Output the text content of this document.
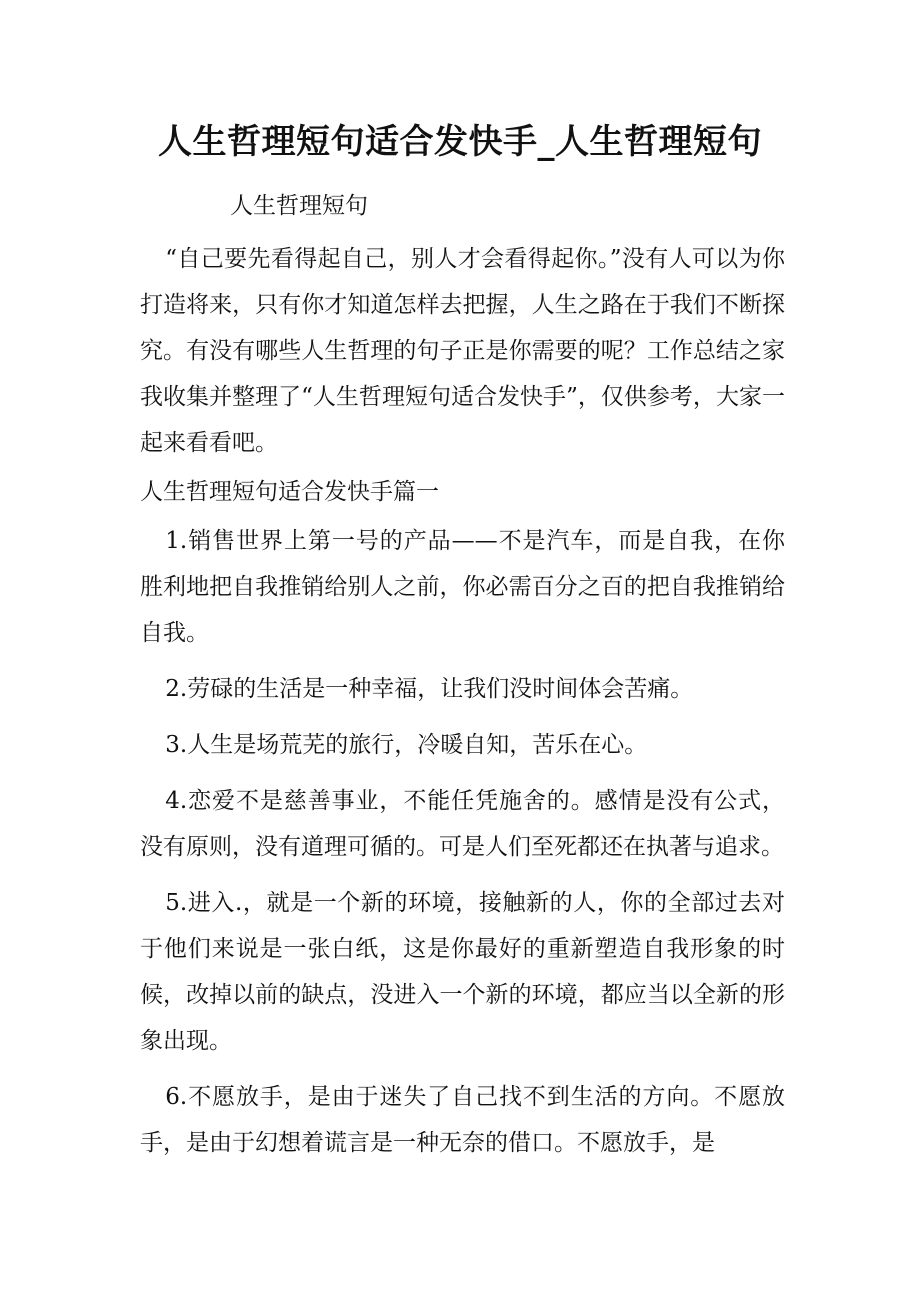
人生哲理短句适合发快手_人生哲理短句

人生哲理短句

“自己要先看得起自己，别人才会看得起你。”没有人可以为你打造将来，只有你才知道怎样去把握，人生之路在于我们不断探究。有没有哪些人生哲理的句子正是你需要的呢？工作总结之家我收集并整理了“人生哲理短句适合发快手”，仅供参考，大家一起来看看吧。

人生哲理短句适合发快手篇一

1.销售世界上第一号的产品——不是汽车，而是自我，在你胜利地把自我推销给别人之前，你必需百分之百的把自我推销给自我。

2.劳碌的生活是一种幸福，让我们没时间体会苦痛。

3.人生是场荒芜的旅行，冷暖自知，苦乐在心。

4.恋爱不是慈善事业，不能任凭施舍的。感情是没有公式，没有原则，没有道理可循的。可是人们至死都还在执著与追求。

5.进入.，就是一个新的环境，接触新的人，你的全部过去对于他们来说是一张白纸，这是你最好的重新塑造自我形象的时候，改掉以前的缺点，没进入一个新的环境，都应当以全新的形象出现。

6.不愿放手，是由于迷失了自己找不到生活的方向。不愿放手，是由于幻想着谎言是一种无奈的借口。不愿放手，是
